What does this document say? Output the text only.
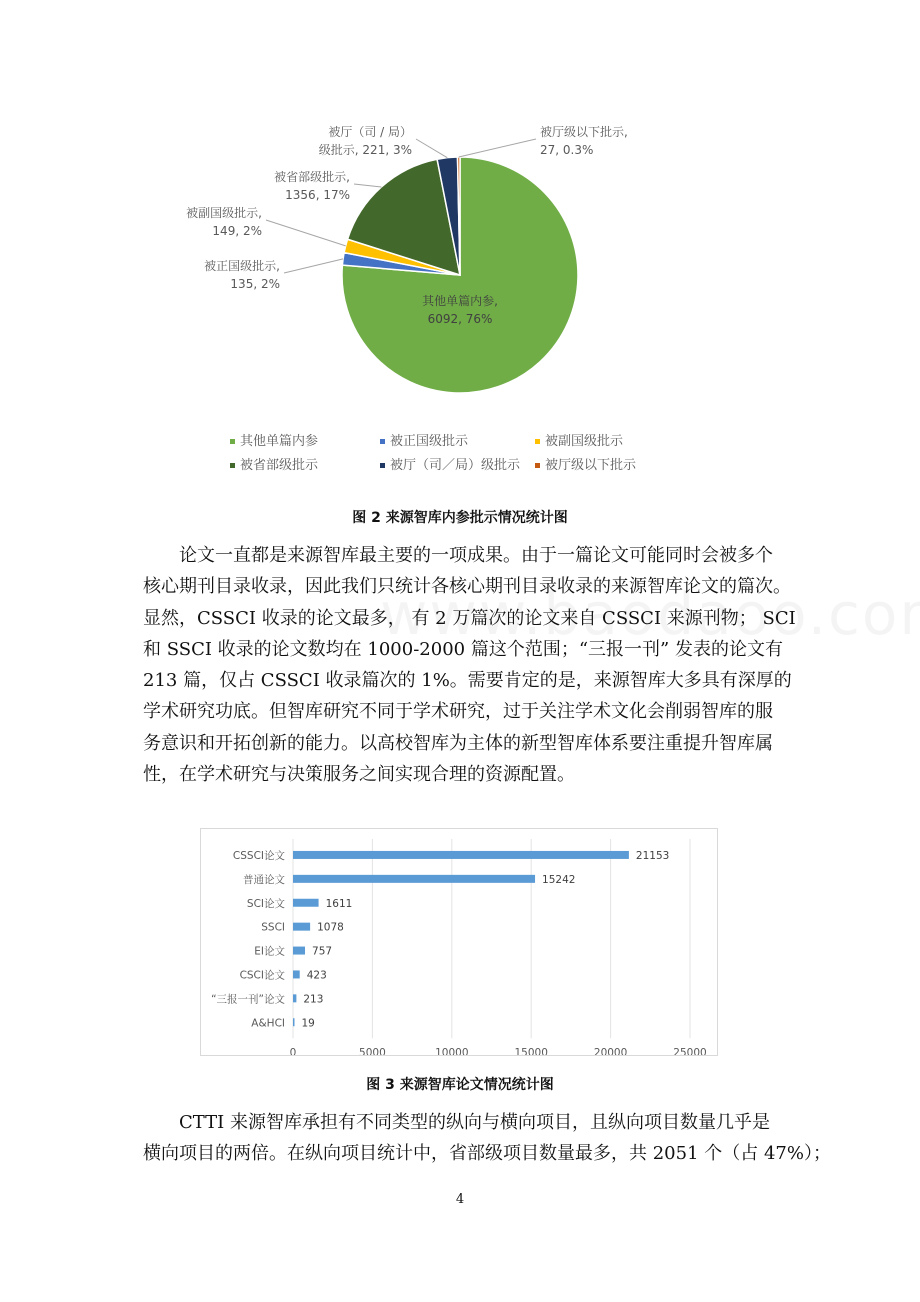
其他单篇内参,
6092, 76%
被正国级批示,
135, 2%
被副国级批示,
149, 2%
被省部级批示,
1356, 17%
被厅（司 / 局）
级批示, 221, 3%
被厅级以下批示,
27, 0.3%
其他单篇内参	被正国级批示	被副国级批示
被省部级批示	被厅（司／局）级批示 被厅级以下批示
图 2 来源智库内参批示情况统计图
论文一直都是来源智库最主要的一项成果。由于一篇论文可能同时会被多个
核心期刊目录收录，因此我们只统计各核心期刊目录收录的来源智库论文的篇次。
显然，CSSCI 收录的论文最多， 有 2 万篇次的论文来自 CSSCI 来源刊物； SCI
和 SSCI 收录的论文数均在 1000-2000 篇这个范围；“三报一刊” 发表的论文有
213 篇，仅占 CSSCI 收录篇次的 1%。需要肯定的是，来源智库大多具有深厚的
学术研究功底。但智库研究不同于学术研究，过于关注学术文化会削弱智库的服
务意识和开拓创新的能力。以高校智库为主体的新型智库体系要注重提升智库属
性，在学术研究与决策服务之间实现合理的资源配置。
CSSCI论文
普通论文
SCI论文
SSCI
EI论文
CSCI论文
“三报一刊”论文
A&HCI
21153
15242
1611
1078
757
423
213
19
0	5000	10000	15000	20000	25000
图 3 来源智库论文情况统计图
CTTI 来源智库承担有不同类型的纵向与横向项目，且纵向项目数量几乎是
横向项目的两倍。在纵向项目统计中，省部级项目数量最多，共 2051 个（占 47%）；
4
